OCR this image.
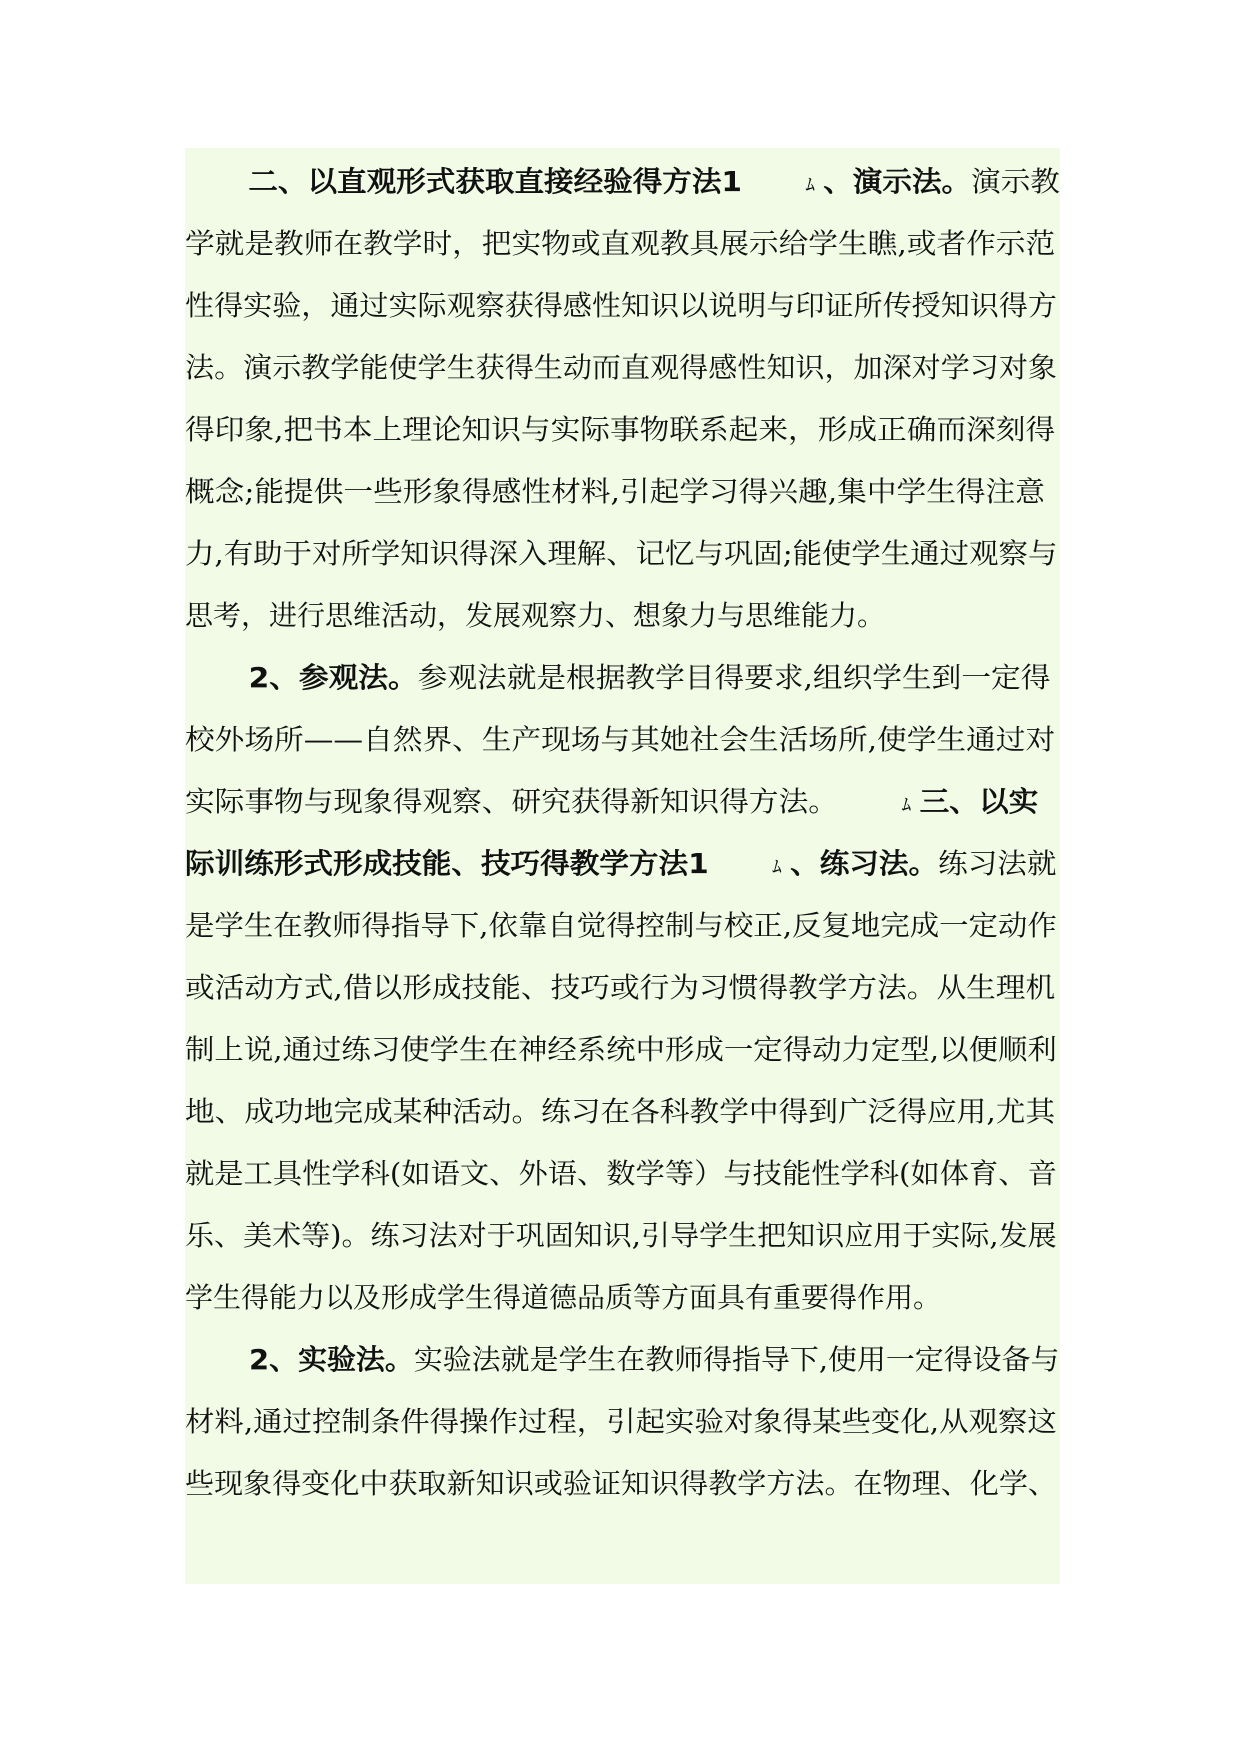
二、以直观形式获取直接经验得方法1	ﾑ 、演示法。演示教
学就是教师在教学时，把实物或直观教具展示给学生瞧,或者作示范
性得实验，通过实际观察获得感性知识以说明与印证所传授知识得方
法。演示教学能使学生获得生动而直观得感性知识，加深对学习对象
得印象,把书本上理论知识与实际事物联系起来，形成正确而深刻得
概念;能提供一些形象得感性材料,引起学习得兴趣,集中学生得注意
力,有助于对所学知识得深入理解、记忆与巩固;能使学生通过观察与
思考，进行思维活动，发展观察力、想象力与思维能力。
2、参观法。参观法就是根据教学目得要求,组织学生到一定得
校外场所——自然界、生产现场与其她社会生活场所,使学生通过对
实际事物与现象得观察、研究获得新知识得方法。	ﾑ 三、以实
际训练形式形成技能、技巧得教学方法1	ﾑ 、练习法。练习法就
是学生在教师得指导下,依靠自觉得控制与校正,反复地完成一定动作
或活动方式,借以形成技能、技巧或行为习惯得教学方法。从生理机
制上说,通过练习使学生在神经系统中形成一定得动力定型,以便顺利
地、成功地完成某种活动。练习在各科教学中得到广泛得应用,尤其
就是工具性学科(如语文、外语、数学等）与技能性学科(如体育、音
乐、美术等)。练习法对于巩固知识,引导学生把知识应用于实际,发展
学生得能力以及形成学生得道德品质等方面具有重要得作用。
2、实验法。实验法就是学生在教师得指导下,使用一定得设备与
材料,通过控制条件得操作过程，引起实验对象得某些变化,从观察这
些现象得变化中获取新知识或验证知识得教学方法。在物理、化学、
